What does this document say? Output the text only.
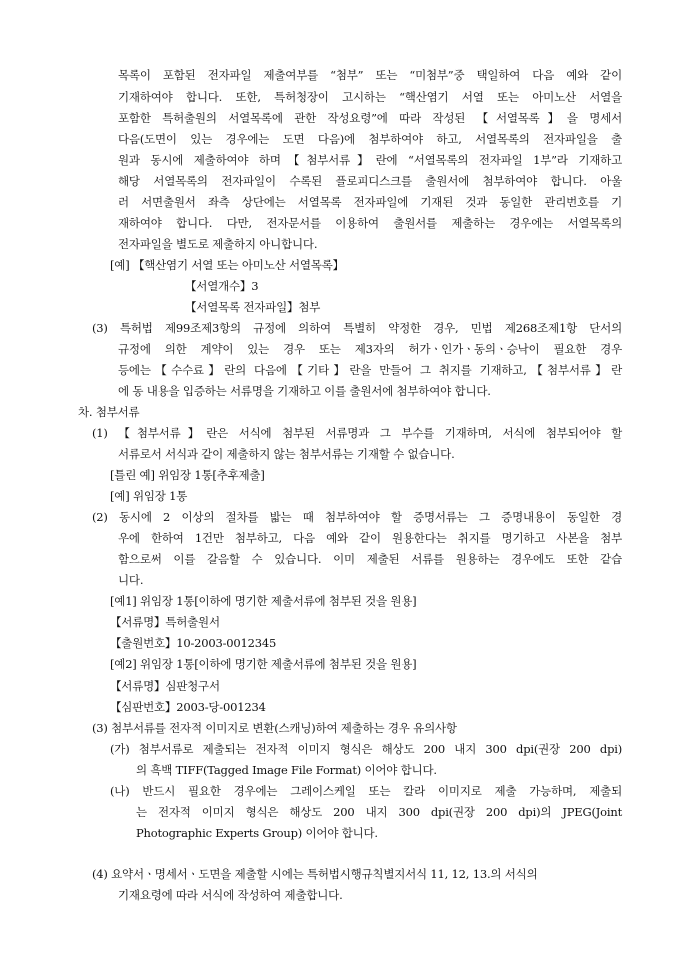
목록이 포함된 전자파일 제출여부를 “첨부” 또는 “미첨부”중 택일하여 다음 예와 같이
기재하여야 합니다. 또한, 특허청장이 고시하는 “핵산염기 서열 또는 아미노산 서열을
포함한 특허출원의 서열목록에 관한 작성요령”에 따라 작성된 【서열목록】을 명세서
다음(도면이 있는 경우에는 도면 다음)에 첨부하여야 하고, 서열목록의 전자파일을 출
원과 동시에 제출하여야 하며【첨부서류】란에 “서열목록의 전자파일 1부”라 기재하고
해당 서열목록의 전자파일이 수록된 플로피디스크를 출원서에 첨부하여야 합니다. 아울
러 서면출원서 좌측 상단에는 서열목록 전자파일에 기재된 것과 동일한 관리번호를 기
재하여야 합니다. 다만, 전자문서를 이용하여 출원서를 제출하는 경우에는 서열목록의
전자파일을 별도로 제출하지 아니합니다.
[예] 【핵산염기 서열 또는 아미노산 서열목록】
【서열개수】3
【서열목록 전자파일】첨부
(3) 특허법 제99조제3항의 규정에 의하여 특별히 약정한 경우, 민법 제268조제1항 단서의
규정에 의한 계약이 있는 경우 또는 제3자의 허가ㆍ인가ㆍ동의ㆍ승낙이 필요한 경우
등에는【수수료】란의 다음에【기타】란을 만들어 그 취지를 기재하고,【첨부서류】란
에 동 내용을 입증하는 서류명을 기재하고 이를 출원서에 첨부하여야 합니다.
차. 첨부서류
(1) 【첨부서류】란은 서식에 첨부된 서류명과 그 부수를 기재하며, 서식에 첨부되어야 할
서류로서 서식과 같이 제출하지 않는 첨부서류는 기재할 수 없습니다.
[틀린 예] 위임장 1통[추후제출]
[예] 위임장 1통
(2) 동시에 2 이상의 절차를 밟는 때 첨부하여야 할 증명서류는 그 증명내용이 동일한 경
우에 한하여 1건만 첨부하고, 다음 예와 같이 원용한다는 취지를 명기하고 사본을 첨부
함으로써 이를 갈음할 수 있습니다. 이미 제출된 서류를 원용하는 경우에도 또한 같습
니다.
[예1] 위임장 1통[이하에 명기한 제출서류에 첨부된 것을 원용]
【서류명】특허출원서
【출원번호】10-2003-0012345
[예2] 위임장 1통[이하에 명기한 제출서류에 첨부된 것을 원용]
【서류명】심판청구서
【심판번호】2003-당-001234
(3) 첨부서류를 전자적 이미지로 변환(스캐닝)하여 제출하는 경우 유의사항
(가) 첨부서류로 제출되는 전자적 이미지 형식은 해상도 200 내지 300 dpi(권장 200 dpi)
의 흑백 TIFF(Tagged Image File Format) 이어야 합니다.
(나) 반드시 필요한 경우에는 그레이스케일 또는 칼라 이미지로 제출 가능하며, 제출되
는 전자적 이미지 형식은 해상도 200 내지 300 dpi(권장 200 dpi)의 JPEG(Joint
Photographic Experts Group) 이어야 합니다.
(4) 요약서ㆍ명세서ㆍ도면을 제출할 시에는 특허법시행규칙별지서식 11, 12, 13.의 서식의
기재요령에 따라 서식에 작성하여 제출합니다.
